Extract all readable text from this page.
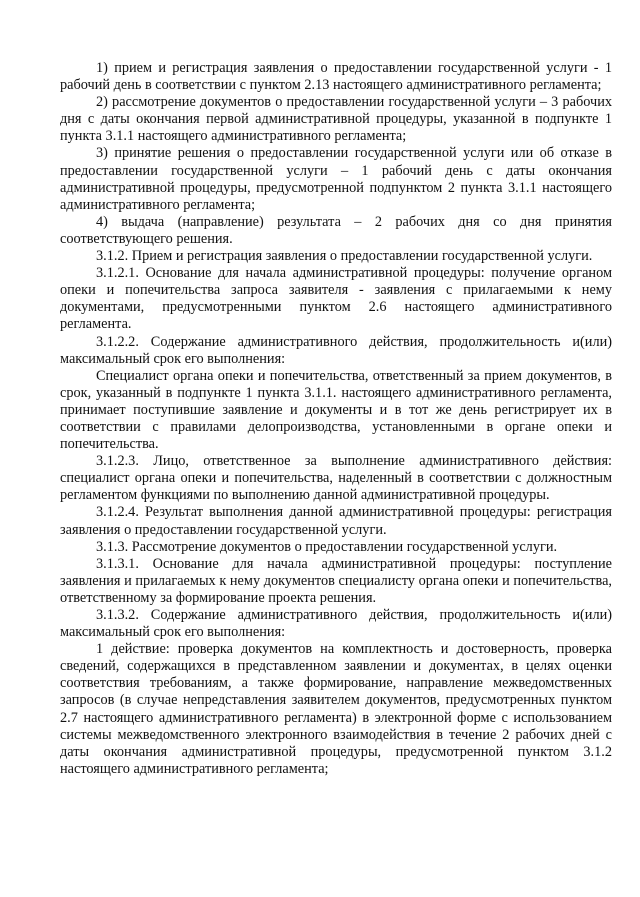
1) прием и регистрация заявления о предоставлении государственной услуги - 1 рабочий день в соответствии с пунктом 2.13 настоящего административного регламента;

2) рассмотрение документов о предоставлении государственной услуги – 3 рабочих дня с даты окончания первой административной процедуры, указанной в подпункте 1 пункта 3.1.1 настоящего административного регламента;

3) принятие решения о предоставлении государственной услуги или об отказе в предоставлении государственной услуги – 1 рабочий день с даты окончания административной процедуры, предусмотренной подпунктом 2 пункта 3.1.1 настоящего административного регламента;

4) выдача (направление) результата – 2 рабочих дня со дня принятия соответствующего решения.

3.1.2. Прием и регистрация заявления о предоставлении государственной услуги.

3.1.2.1. Основание для начала административной процедуры: получение органом опеки и попечительства запроса заявителя - заявления с прилагаемыми к нему документами, предусмотренными пунктом 2.6 настоящего административного регламента.

3.1.2.2. Содержание административного действия, продолжительность и(или) максимальный срок его выполнения:

Специалист органа опеки и попечительства, ответственный за прием документов, в срок, указанный в подпункте 1 пункта 3.1.1. настоящего административного регламента, принимает поступившие заявление и документы и в тот же день регистрирует их в соответствии с правилами делопроизводства, установленными в органе опеки и попечительства.

3.1.2.3. Лицо, ответственное за выполнение административного действия: специалист органа опеки и попечительства, наделенный в соответствии с должностным регламентом функциями по выполнению данной административной процедуры.

3.1.2.4. Результат выполнения данной административной процедуры: регистрация заявления о предоставлении государственной услуги.

3.1.3. Рассмотрение документов о предоставлении государственной услуги.

3.1.3.1. Основание для начала административной процедуры: поступление заявления и прилагаемых к нему документов специалисту органа опеки и попечительства, ответственному за формирование проекта решения.

3.1.3.2. Содержание административного действия, продолжительность и(или) максимальный срок его выполнения:

1 действие: проверка документов на комплектность и достоверность, проверка сведений, содержащихся в представленном заявлении и документах, в целях оценки соответствия требованиям, а также формирование, направление межведомственных запросов (в случае непредставления заявителем документов, предусмотренных пунктом 2.7 настоящего административного регламента) в электронной форме с использованием системы межведомственного электронного взаимодействия в течение 2 рабочих дней с даты окончания административной процедуры, предусмотренной пунктом 3.1.2 настоящего административного регламента;
